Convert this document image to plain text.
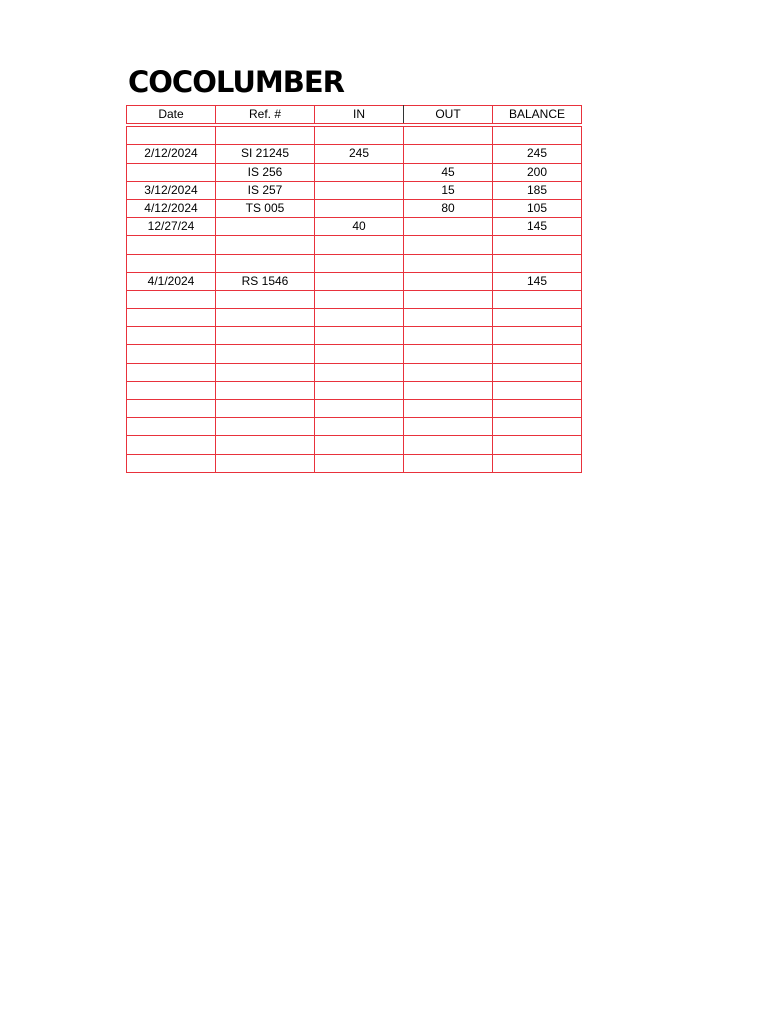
COCOLUMBER
Date	Ref. #	IN	OUT	BALANCE

2/12/2024	SI 21245	245		245
	IS 256		45	200
3/12/2024	IS 257		15	185
4/12/2024	TS 005		80	105
12/27/24		40		145

4/1/2024	RS 1546			145
